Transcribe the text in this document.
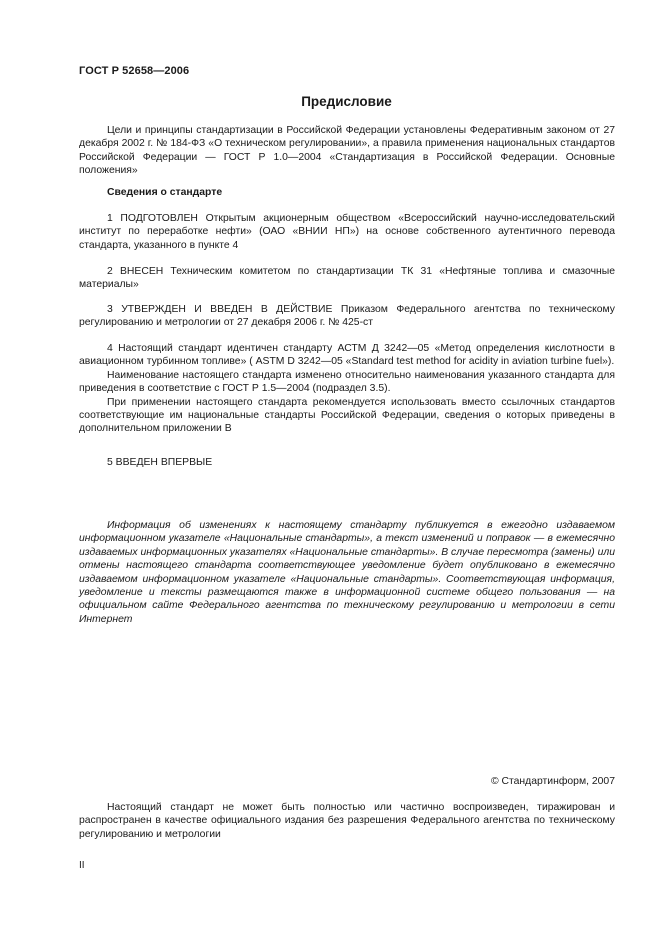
ГОСТ Р 52658—2006
Предисловие

Цели и принципы стандартизации в Российской Федерации установлены Федеративным законом от 27 декабря 2002 г. № 184-ФЗ «О техническом регулировании», а правила применения национальных стандартов Российской Федерации — ГОСТ Р 1.0—2004 «Стандартизация в Российской Федерации. Основные положения»

Сведения о стандарте

1 ПОДГОТОВЛЕН Открытым акционерным обществом «Всероссийский научно-исследовательский институт по переработке нефти» (ОАО «ВНИИ НП») на основе собственного аутентичного перевода стандарта, указанного в пункте 4

2 ВНЕСЕН Техническим комитетом по стандартизации ТК 31 «Нефтяные топлива и смазочные материалы»

3 УТВЕРЖДЕН И ВВЕДЕН В ДЕЙСТВИЕ Приказом Федерального агентства по техническому регулированию и метрологии от 27 декабря 2006 г. № 425-ст

4 Настоящий стандарт идентичен стандарту АСТМ Д 3242—05 «Метод определения кислотности в авиационном турбинном топливе» ( ASTM D 3242—05 «Standard test method for acidity in aviation turbine fuel»).

Наименование настоящего стандарта изменено относительно наименования указанного стандарта для приведения в соответствие с ГОСТ Р 1.5—2004 (подраздел 3.5).

При применении настоящего стандарта рекомендуется использовать вместо ссылочных стандартов соответствующие им национальные стандарты Российской Федерации, сведения о которых приведены в дополнительном приложении В

5 ВВЕДЕН ВПЕРВЫЕ

Информация об изменениях к настоящему стандарту публикуется в ежегодно издаваемом информационном указателе «Национальные стандарты», а текст изменений и поправок — в ежемесячно издаваемых информационных указателях «Национальные стандарты». В случае пересмотра (замены) или отмены настоящего стандарта соответствующее уведомление будет опубликовано в ежемесячно издаваемом информационном указателе «Национальные стандарты». Соответствующая информация, уведомление и тексты размещаются также в информационной системе общего пользования — на официальном сайте Федерального агентства по техническому регулированию и метрологии в сети Интернет

© Стандартинформ, 2007

Настоящий стандарт не может быть полностью или частично воспроизведен, тиражирован и распространен в качестве официального издания без разрешения Федерального агентства по техническому регулированию и метрологии

II
